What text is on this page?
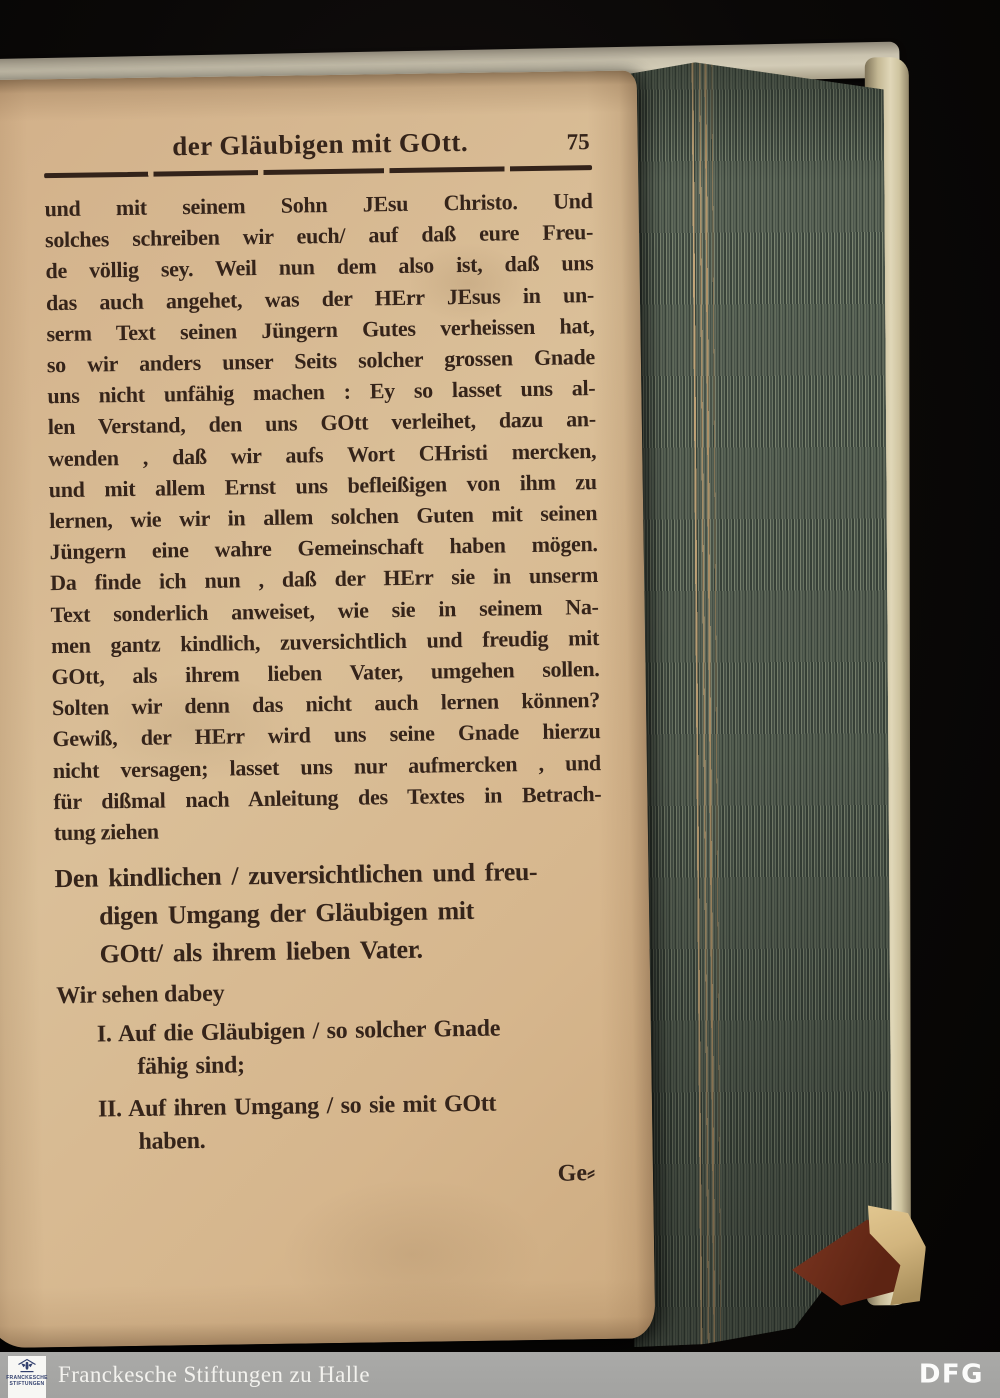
der Gläubigen mit GOtt.	75
und mit seinem Sohn JEsu Christo. Und
solches schreiben wir euch/ auf daß eure Freu-
de völlig sey. Weil nun dem also ist, daß uns
das auch angehet, was der HErr JEsus in un-
serm Text seinen Jüngern Gutes verheissen hat,
so wir anders unser Seits solcher grossen Gnade
uns nicht unfähig machen : Ey so lasset uns al-
len Verstand, den uns GOtt verleihet, dazu an-
wenden , daß wir aufs Wort CHristi mercken,
und mit allem Ernst uns befleißigen von ihm zu
lernen, wie wir in allem solchen Guten mit seinen
Jüngern eine wahre Gemeinschaft haben mögen.
Da finde ich nun , daß der HErr sie in unserm
Text sonderlich anweiset, wie sie in seinem Na-
men gantz kindlich, zuversichtlich und freudig mit
GOtt, als ihrem lieben Vater, umgehen sollen.
Solten wir denn das nicht auch lernen können?
Gewiß, der HErr wird uns seine Gnade hierzu
nicht versagen; lasset uns nur aufmercken , und
für dißmal nach Anleitung des Textes in Betrach-
tung ziehen
Den kindlichen / zuversichtlichen und freu-
digen Umgang der Gläubigen mit
GOtt/ als ihrem lieben Vater.
Wir sehen dabey
I. Auf die Gläubigen / so solcher Gnade
fähig sind;
II. Auf ihren Umgang / so sie mit GOtt
haben.
Ge⸗
FRANCKESCHE
STIFTUNGEN Franckesche Stiftungen zu Halle	DFG
